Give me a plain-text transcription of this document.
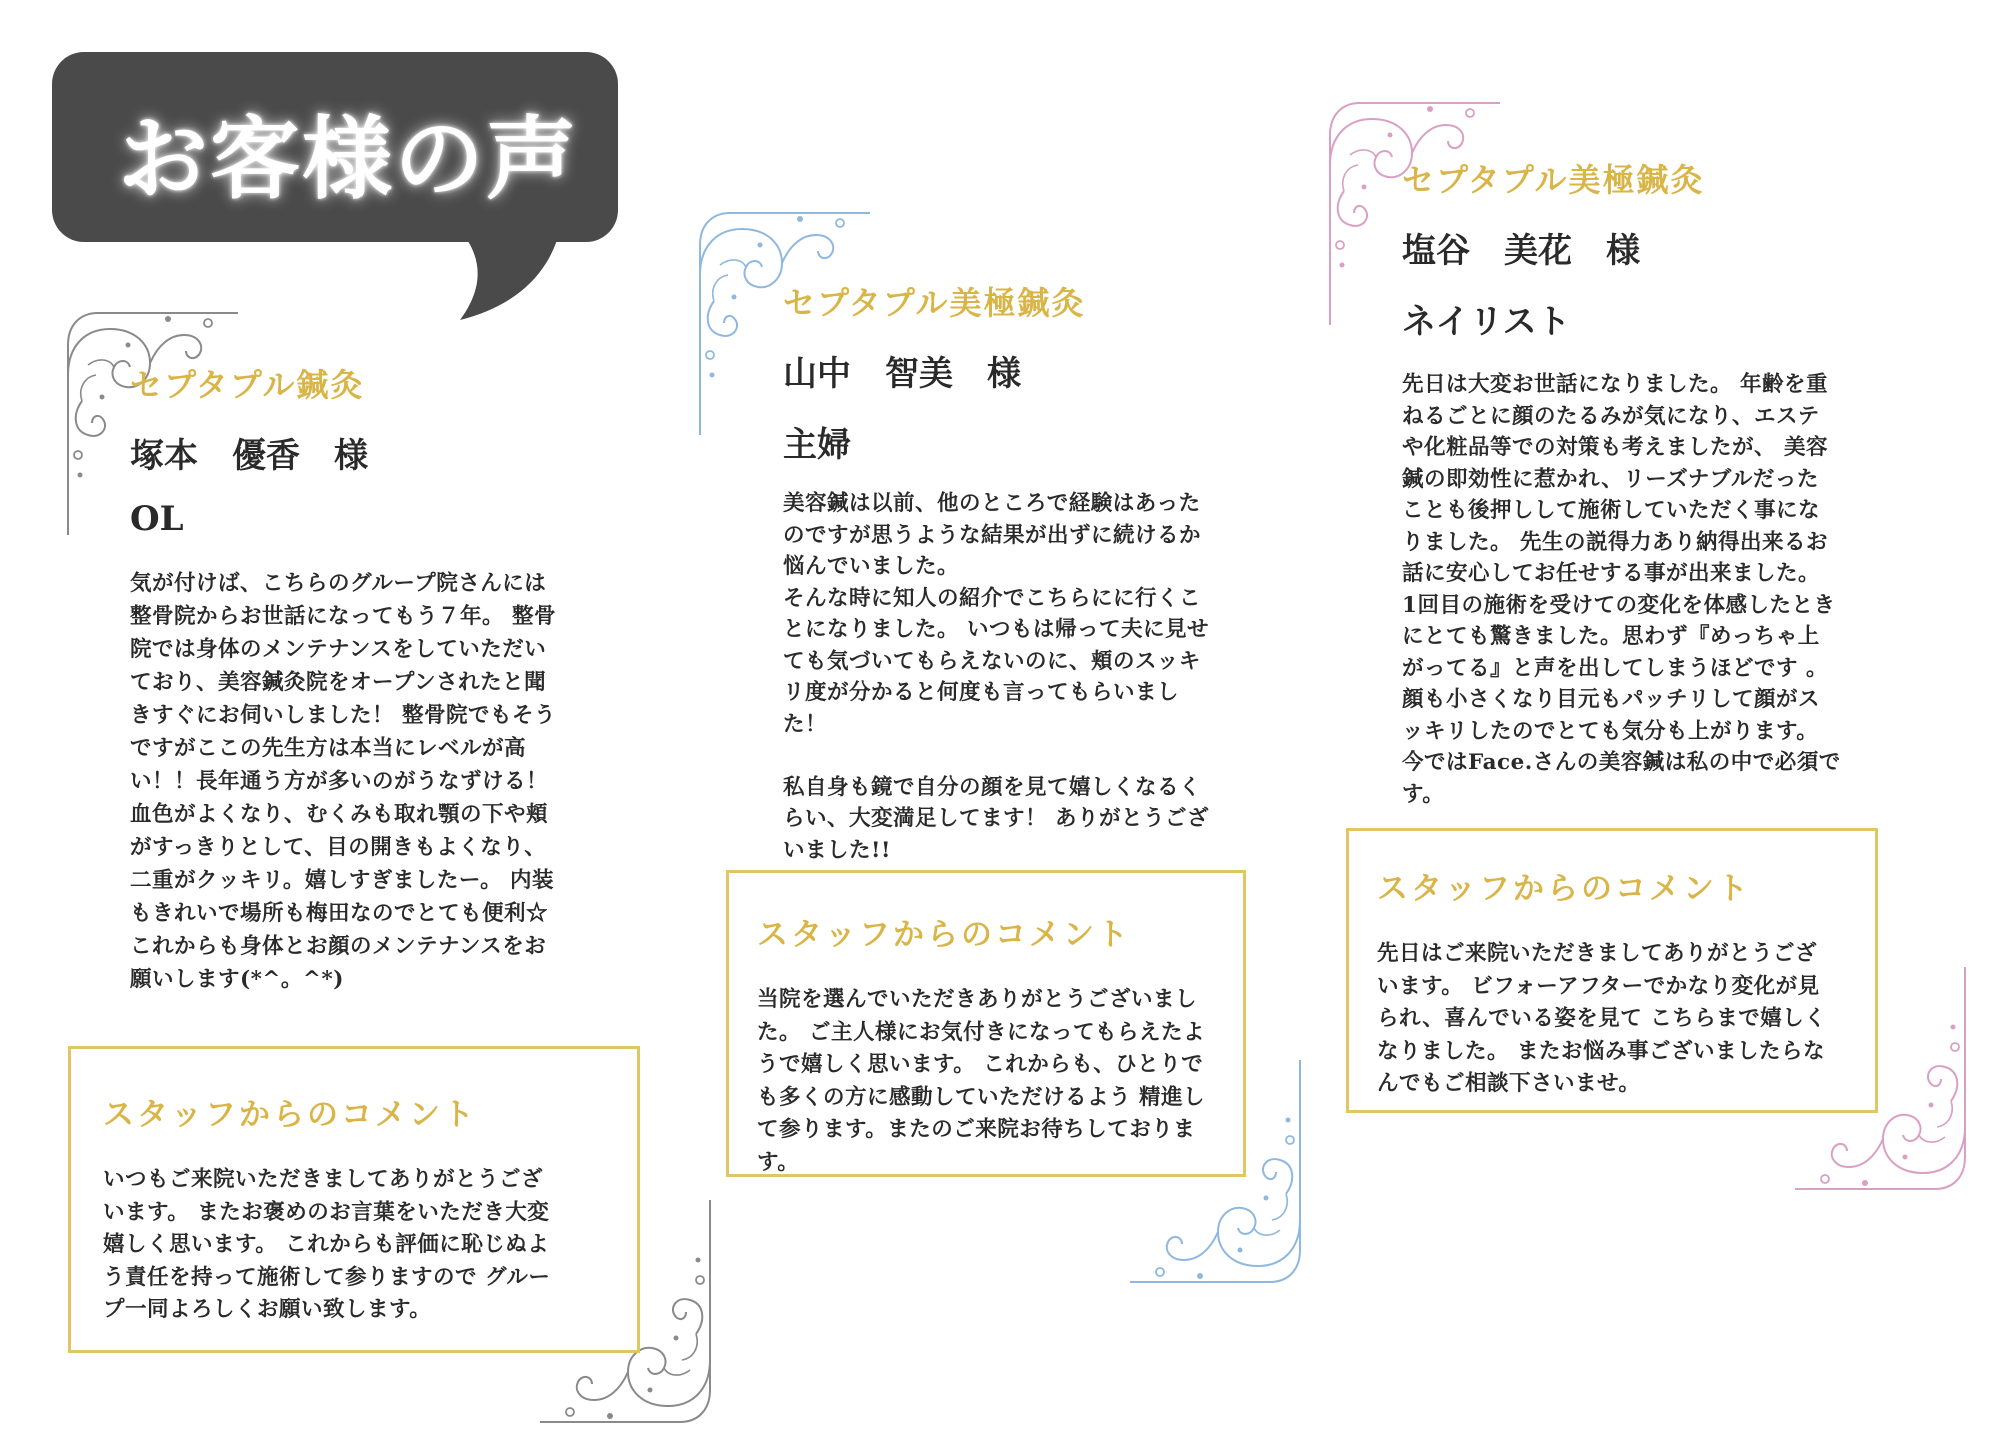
お客様の声
セプタプル鍼灸
塚本　優香　様
OL
気が付けば、こちらのグループ院さんには
整骨院からお世話になってもう７年。 整骨
院では身体のメンテナンスをしていただい
ており、美容鍼灸院をオープンされたと聞
きすぐにお伺いしました！ 整骨院でもそう
ですがここの先生方は本当にレベルが高
い！！長年通う方が多いのがうなずける！
血色がよくなり、むくみも取れ顎の下や頬
がすっきりとして、目の開きもよくなり、
二重がクッキリ。嬉しすぎましたー。 内装
もきれいで場所も梅田なのでとても便利☆
これからも身体とお顔のメンテナンスをお
願いします(*^。^*)
スタッフからのコメント
いつもご来院いただきましてありがとうござ
います。 またお褒めのお言葉をいただき大変
嬉しく思います。 これからも評価に恥じぬよ
う責任を持って施術して参りますので グルー
プ一同よろしくお願い致します。
セプタプル美極鍼灸
山中　智美　様
主婦
美容鍼は以前、他のところで経験はあった
のですが思うような結果が出ずに続けるか
悩んでいました。
そんな時に知人の紹介でこちらにに行くこ
とになりました。 いつもは帰って夫に見せ
ても気づいてもらえないのに、頬のスッキ
リ度が分かると何度も言ってもらいまし
た！

私自身も鏡で自分の顔を見て嬉しくなるく
らい、大変満足してます！ ありがとうござ
いました!!
スタッフからのコメント
当院を選んでいただきありがとうございまし
た。 ご主人様にお気付きになってもらえたよ
うで嬉しく思います。 これからも、ひとりで
も多くの方に感動していただけるよう 精進し
て参ります。またのご来院お待ちしておりま
す。
セプタプル美極鍼灸
塩谷　美花　様
ネイリスト
先日は大変お世話になりました。 年齢を重
ねるごとに顔のたるみが気になり、エステ
や化粧品等での対策も考えましたが、 美容
鍼の即効性に惹かれ、リーズナブルだった
ことも後押しして施術していただく事にな
りました。 先生の説得力あり納得出来るお
話に安心してお任せする事が出来ました。
1回目の施術を受けての変化を体感したとき
にとても驚きました。思わず『めっちゃ上
がってる』と声を出してしまうほどです 。
顔も小さくなり目元もパッチリして顔がス
ッキリしたのでとても気分も上がります。
今ではFace.さんの美容鍼は私の中で必須で
す。
スタッフからのコメント
先日はご来院いただきましてありがとうござ
います。 ビフォーアフターでかなり変化が見
られ、喜んでいる姿を見て こちらまで嬉しく
なりました。 またお悩み事ございましたらな
んでもご相談下さいませ。
